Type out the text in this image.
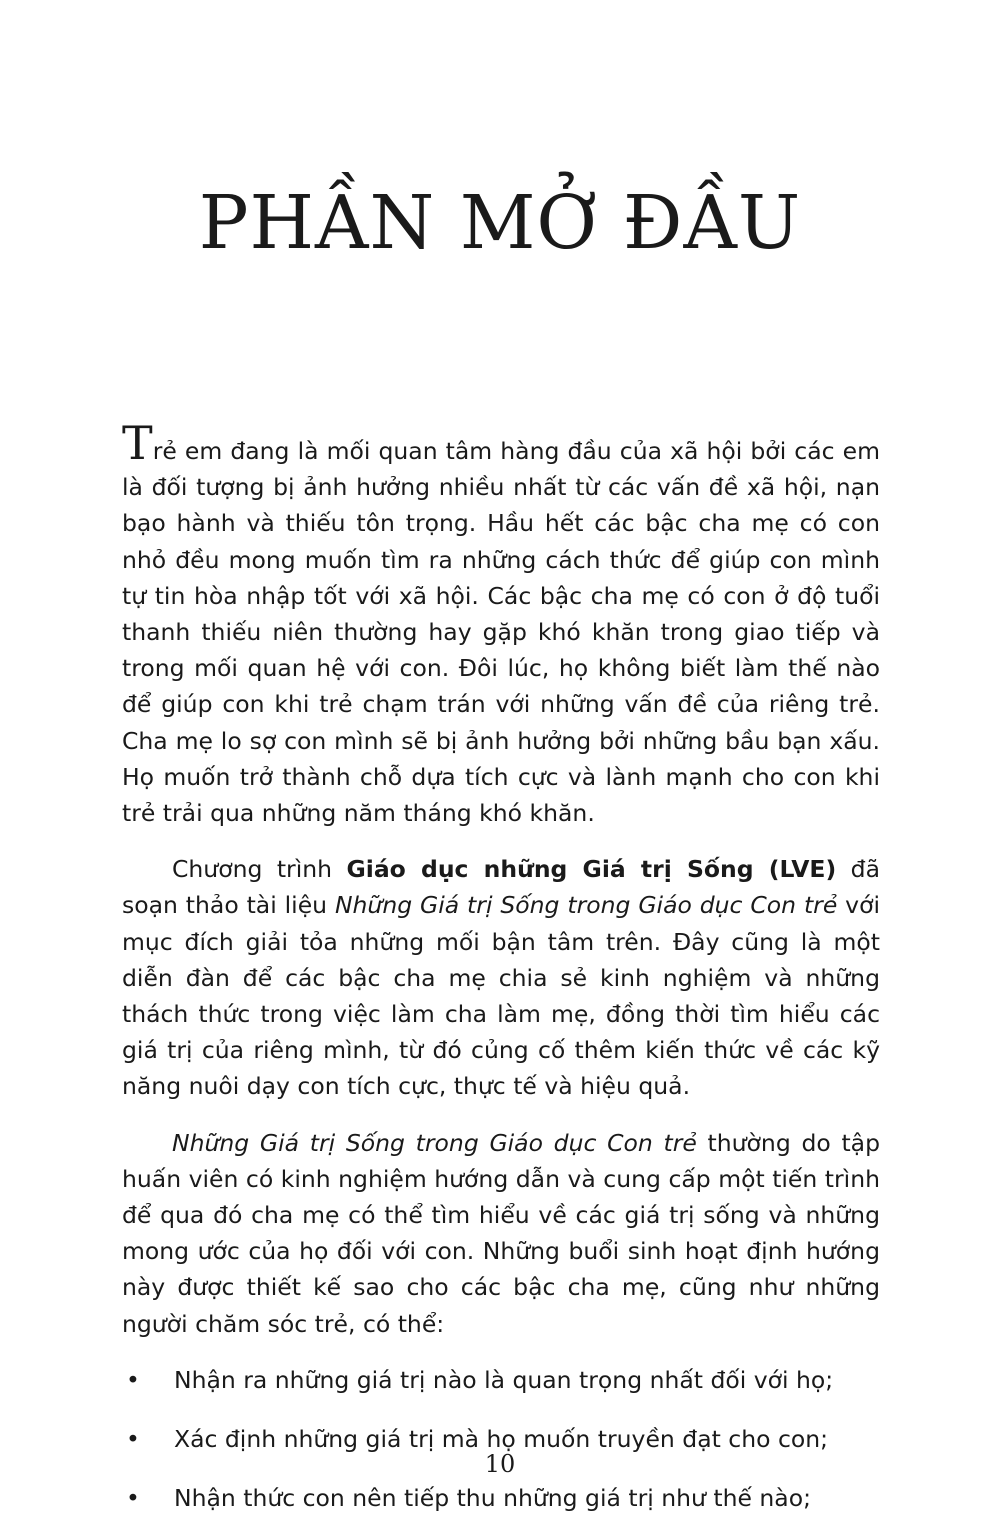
PHẦN MỞ ĐẦU

Trẻ em đang là mối quan tâm hàng đầu của xã hội bởi các em là đối tượng bị ảnh hưởng nhiều nhất từ các vấn đề xã hội, nạn bạo hành và thiếu tôn trọng. Hầu hết các bậc cha mẹ có con nhỏ đều mong muốn tìm ra những cách thức để giúp con mình tự tin hòa nhập tốt với xã hội. Các bậc cha mẹ có con ở độ tuổi thanh thiếu niên thường hay gặp khó khăn trong giao tiếp và trong mối quan hệ với con. Đôi lúc, họ không biết làm thế nào để giúp con khi trẻ chạm trán với những vấn đề của riêng trẻ. Cha mẹ lo sợ con mình sẽ bị ảnh hưởng bởi những bầu bạn xấu. Họ muốn trở thành chỗ dựa tích cực và lành mạnh cho con khi trẻ trải qua những năm tháng khó khăn.

Chương trình Giáo dục những Giá trị Sống (LVE) đã soạn thảo tài liệu Những Giá trị Sống trong Giáo dục Con trẻ với mục đích giải tỏa những mối bận tâm trên. Đây cũng là một diễn đàn để các bậc cha mẹ chia sẻ kinh nghiệm và những thách thức trong việc làm cha làm mẹ, đồng thời tìm hiểu các giá trị của riêng mình, từ đó củng cố thêm kiến thức về các kỹ năng nuôi dạy con tích cực, thực tế và hiệu quả.

Những Giá trị Sống trong Giáo dục Con trẻ thường do tập huấn viên có kinh nghiệm hướng dẫn và cung cấp một tiến trình để qua đó cha mẹ có thể tìm hiểu về các giá trị sống và những mong ước của họ đối với con. Những buổi sinh hoạt định hướng này được thiết kế sao cho các bậc cha mẹ, cũng như những người chăm sóc trẻ, có thể:

• Nhận ra những giá trị nào là quan trọng nhất đối với họ;
• Xác định những giá trị mà họ muốn truyền đạt cho con;
• Nhận thức con nên tiếp thu những giá trị như thế nào;
10
